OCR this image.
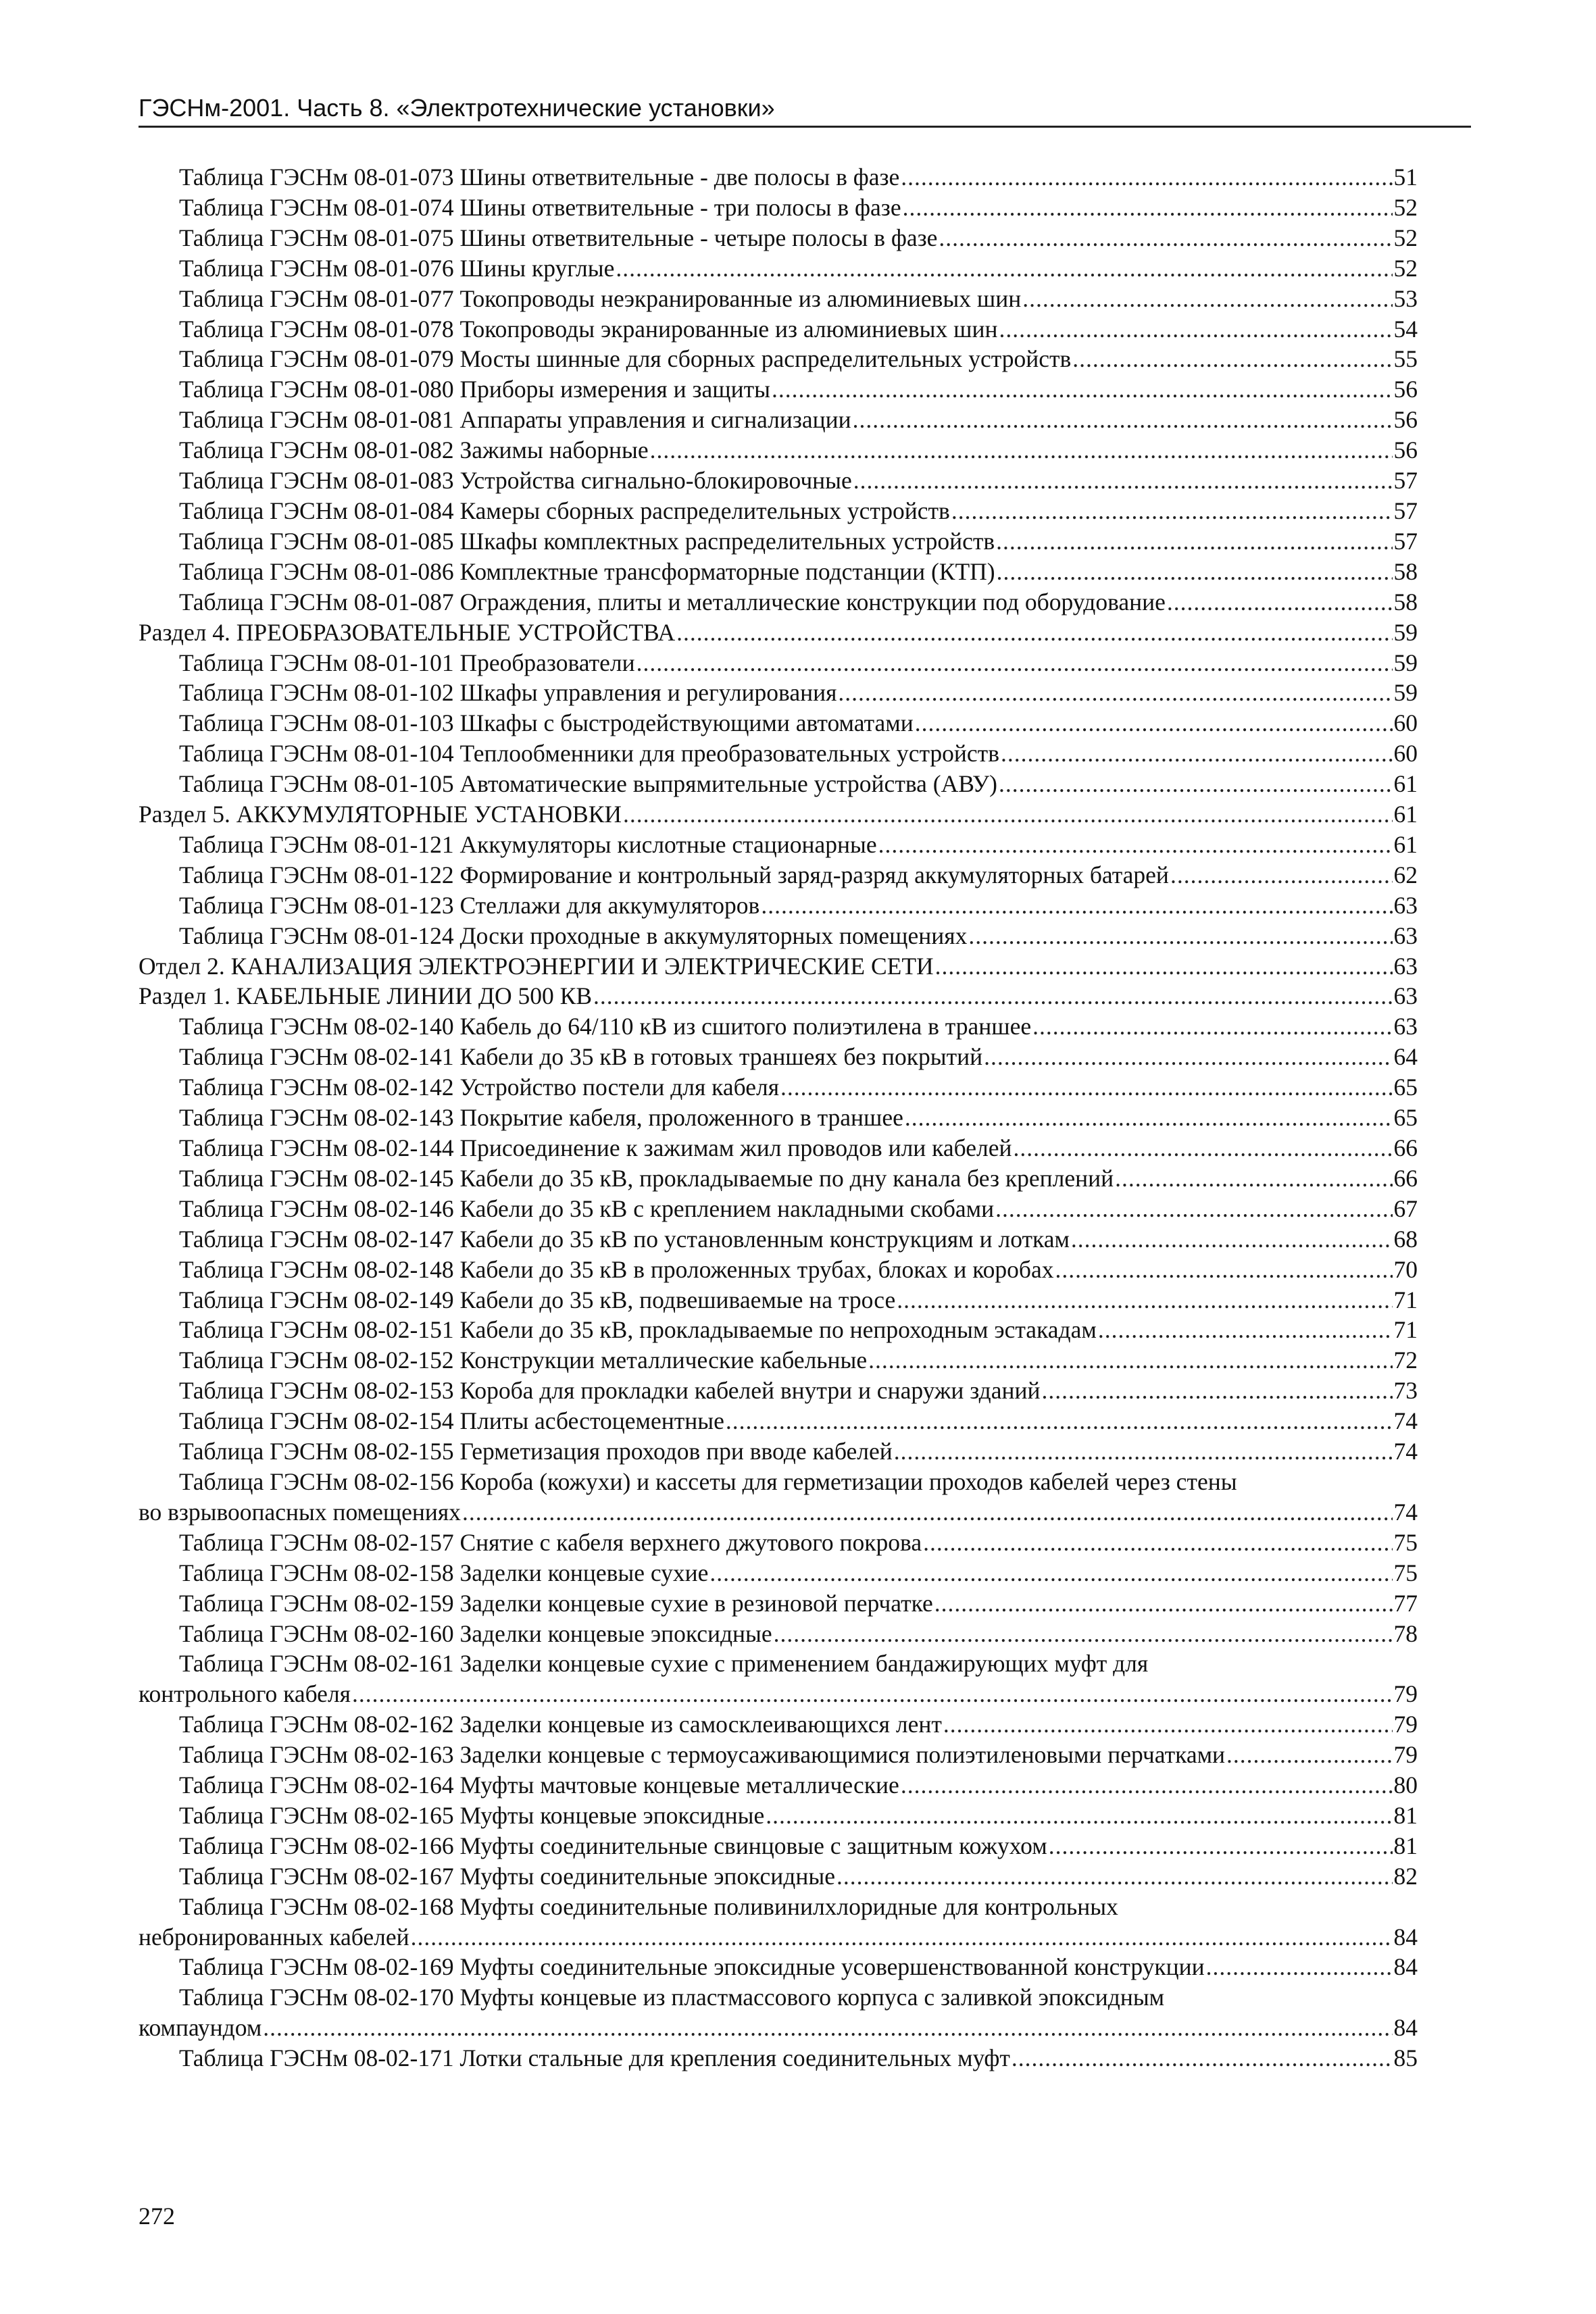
ГЭСНм-2001. Часть 8. «Электротехнические установки»
Таблица ГЭСНм 08-01-073 Шины ответвительные - две полосы в фазе .....	51
Таблица ГЭСНм 08-01-074 Шины ответвительные - три полосы в фазе .....	52
Таблица ГЭСНм 08-01-075 Шины ответвительные - четыре полосы в фазе .....	52
Таблица ГЭСНм 08-01-076 Шины круглые .....	52
Таблица ГЭСНм 08-01-077 Токопроводы неэкранированные из алюминиевых шин .....	53
Таблица ГЭСНм 08-01-078 Токопроводы экранированные из алюминиевых шин .....	54
Таблица ГЭСНм 08-01-079 Мосты шинные для сборных распределительных устройств .....	55
Таблица ГЭСНм 08-01-080 Приборы измерения и защиты .....	56
Таблица ГЭСНм 08-01-081 Аппараты управления и сигнализации .....	56
Таблица ГЭСНм 08-01-082 Зажимы наборные .....	56
Таблица ГЭСНм 08-01-083 Устройства сигнально-блокировочные .....	57
Таблица ГЭСНм 08-01-084 Камеры сборных распределительных устройств .....	57
Таблица ГЭСНм 08-01-085 Шкафы комплектных распределительных устройств .....	57
Таблица ГЭСНм 08-01-086 Комплектные трансформаторные подстанции (КТП) .....	58
Таблица ГЭСНм 08-01-087 Ограждения, плиты и металлические конструкции под оборудование .....	58
Раздел 4. ПРЕОБРАЗОВАТЕЛЬНЫЕ УСТРОЙСТВА .....	59
Таблица ГЭСНм 08-01-101 Преобразователи .....	59
Таблица ГЭСНм 08-01-102 Шкафы управления и регулирования .....	59
Таблица ГЭСНм 08-01-103 Шкафы с быстродействующими автоматами .....	60
Таблица ГЭСНм 08-01-104 Теплообменники для преобразовательных устройств .....	60
Таблица ГЭСНм 08-01-105 Автоматические выпрямительные устройства (АВУ) .....	61
Раздел 5. АККУМУЛЯТОРНЫЕ УСТАНОВКИ .....	61
Таблица ГЭСНм 08-01-121 Аккумуляторы кислотные стационарные .....	61
Таблица ГЭСНм 08-01-122 Формирование и контрольный заряд-разряд аккумуляторных батарей .....	62
Таблица ГЭСНм 08-01-123 Стеллажи для аккумуляторов .....	63
Таблица ГЭСНм 08-01-124 Доски проходные в аккумуляторных помещениях .....	63
Отдел 2. КАНАЛИЗАЦИЯ ЭЛЕКТРОЭНЕРГИИ И ЭЛЕКТРИЧЕСКИЕ СЕТИ .....	63
Раздел 1. КАБЕЛЬНЫЕ ЛИНИИ ДО 500 КВ .....	63
Таблица ГЭСНм 08-02-140 Кабель до 64/110 кВ из сшитого полиэтилена в траншее .....	63
Таблица ГЭСНм 08-02-141 Кабели до 35 кВ в готовых траншеях без покрытий .....	64
Таблица ГЭСНм 08-02-142 Устройство постели для кабеля .....	65
Таблица ГЭСНм 08-02-143 Покрытие кабеля, проложенного в траншее .....	65
Таблица ГЭСНм 08-02-144 Присоединение к зажимам жил проводов или кабелей .....	66
Таблица ГЭСНм 08-02-145 Кабели до 35 кВ, прокладываемые по дну канала без креплений .....	66
Таблица ГЭСНм 08-02-146 Кабели до 35 кВ с креплением накладными скобами .....	67
Таблица ГЭСНм 08-02-147 Кабели до 35 кВ по установленным конструкциям и лоткам .....	68
Таблица ГЭСНм 08-02-148 Кабели до 35 кВ в проложенных трубах, блоках и коробах .....	70
Таблица ГЭСНм 08-02-149 Кабели до 35 кВ, подвешиваемые на тросе .....	71
Таблица ГЭСНм 08-02-151 Кабели до 35 кВ, прокладываемые по непроходным эстакадам .....	71
Таблица ГЭСНм 08-02-152 Конструкции металлические кабельные .....	72
Таблица ГЭСНм 08-02-153 Короба для прокладки кабелей внутри и снаружи зданий .....	73
Таблица ГЭСНм 08-02-154 Плиты асбестоцементные .....	74
Таблица ГЭСНм 08-02-155 Герметизация проходов при вводе кабелей .....	74
Таблица ГЭСНм 08-02-156 Короба (кожухи) и кассеты для герметизации проходов кабелей через стены
во взрывоопасных помещениях .....	74
Таблица ГЭСНм 08-02-157 Снятие с кабеля верхнего джутового покрова .....	75
Таблица ГЭСНм 08-02-158 Заделки концевые сухие .....	75
Таблица ГЭСНм 08-02-159 Заделки концевые сухие в резиновой перчатке .....	77
Таблица ГЭСНм 08-02-160 Заделки концевые эпоксидные .....	78
Таблица ГЭСНм 08-02-161 Заделки концевые сухие с применением бандажирующих муфт для
контрольного кабеля .....	79
Таблица ГЭСНм 08-02-162 Заделки концевые из самосклеивающихся лент .....	79
Таблица ГЭСНм 08-02-163 Заделки концевые с термоусаживающимися полиэтиленовыми перчатками .....	79
Таблица ГЭСНм 08-02-164 Муфты мачтовые концевые металлические .....	80
Таблица ГЭСНм 08-02-165 Муфты концевые эпоксидные .....	81
Таблица ГЭСНм 08-02-166 Муфты соединительные свинцовые с защитным кожухом .....	81
Таблица ГЭСНм 08-02-167 Муфты соединительные эпоксидные .....	82
Таблица ГЭСНм 08-02-168 Муфты соединительные поливинилхлоридные для контрольных
небронированных кабелей .....	84
Таблица ГЭСНм 08-02-169 Муфты соединительные эпоксидные усовершенствованной конструкции .....	84
Таблица ГЭСНм 08-02-170 Муфты концевые из пластмассового корпуса с заливкой эпоксидным
компаундом .....	84
Таблица ГЭСНм 08-02-171 Лотки стальные для крепления соединительных муфт .....	85
272
